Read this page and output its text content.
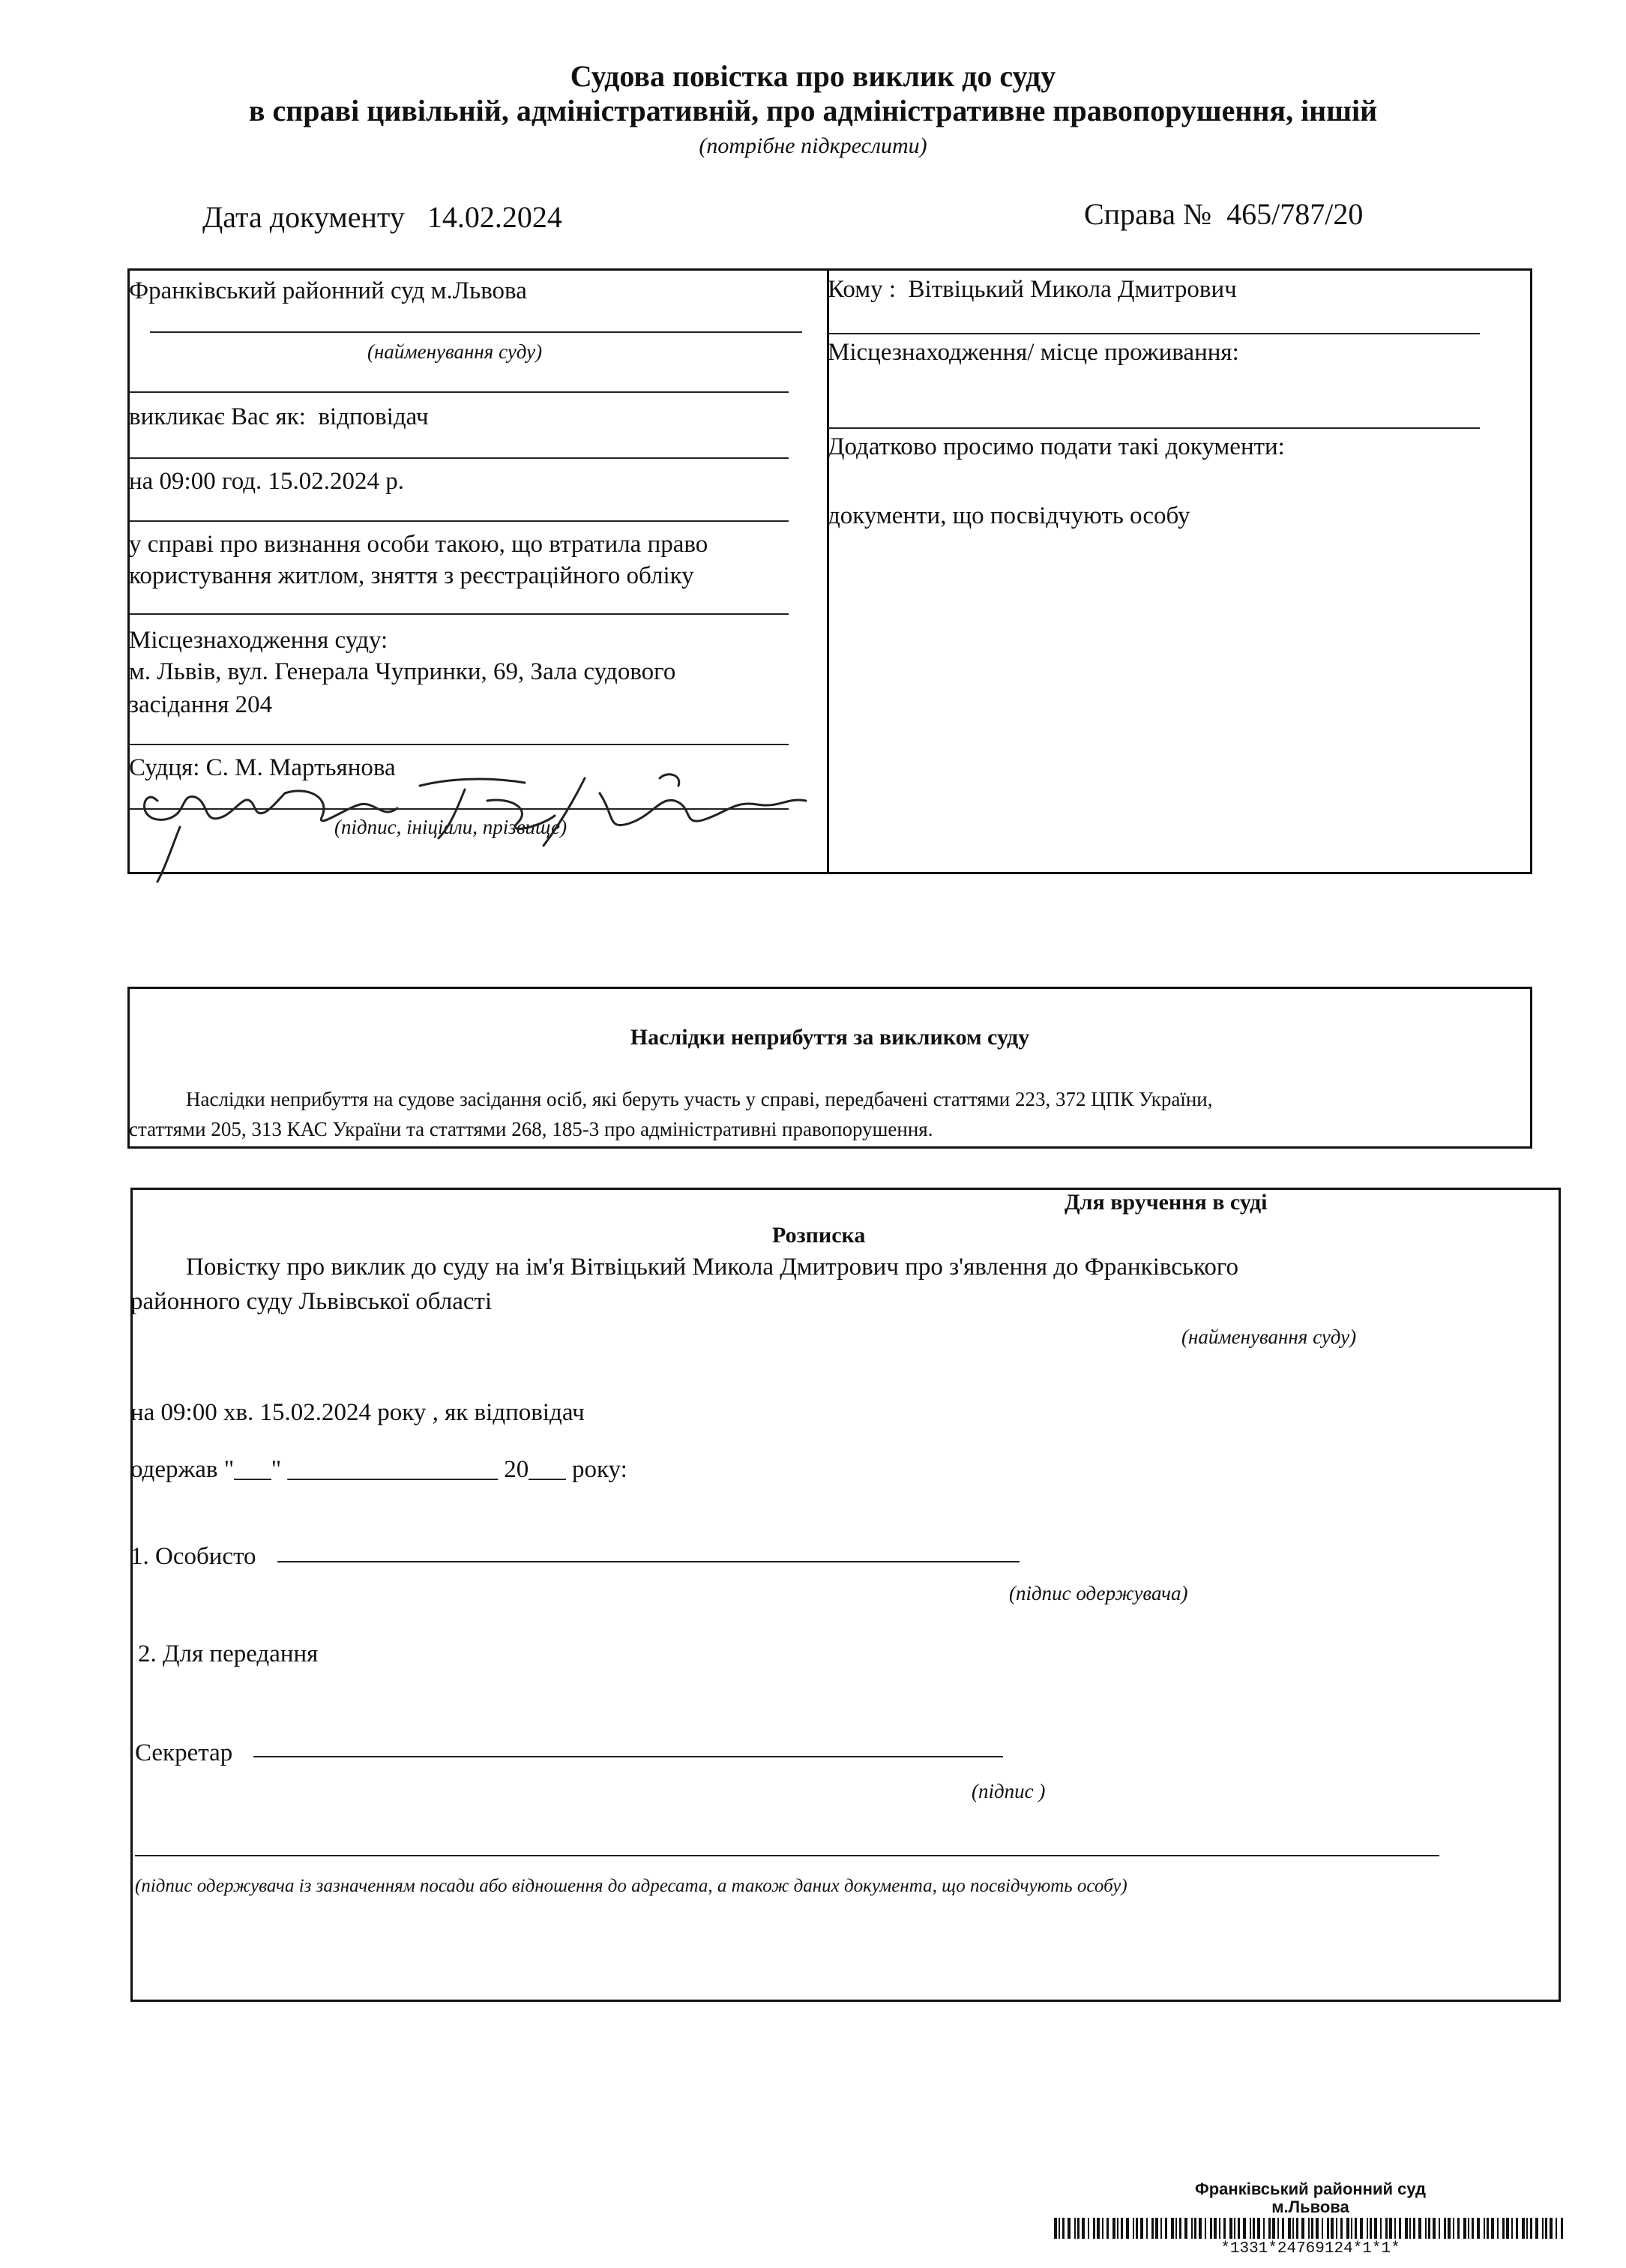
Судова повістка про виклик до суду
в справі цивільній, адміністративній, про адміністративне правопорушення, іншій
(потрібне підкреслити)
Дата документу 14.02.2024	Справа № 465/787/20
Франківський районний суд м.Львова
(найменування суду)
викликає Вас як: відповідач
на 09:00 год. 15.02.2024 р.
у справі про визнання особи такою, що втратила право
користування житлом, зняття з реєстраційного обліку
Місцезнаходження суду:
м. Львів, вул. Генерала Чупринки, 69, Зала судового
засідання 204
Судця: С. М. Мартьянова
(підпис, ініціали, прізвище)
Кому : Вітвіцький Микола Дмитрович
Місцезнаходження/ місце проживання:
Додатково просимо подати такі документи:
документи, що посвідчують особу
Наслідки неприбуття за викликом суду
Наслідки неприбуття на судове засідання осіб, які беруть участь у справі, передбачені статтями 223, 372 ЦПК України,
статтями 205, 313 КАС України та статтями 268, 185-3 про адміністративні правопорушення.
Для вручення в суді
Розписка
Повістку про виклик до суду на ім'я Вітвіцький Микола Дмитрович про з'явлення до Франківського
районного суду Львівської області
(найменування суду)
на 09:00 хв. 15.02.2024 року , як відповідач
одержав "___" _________________ 20___ року:
1. Особисто
(підпис одержувача)
2. Для передання
Секретар
(підпис )
(підпис одержувача із зазначенням посади або відношення до адресата, а також даних документа, що посвідчують особу)
Франківський районний суд
м.Львова
*1331*24769124*1*1*
